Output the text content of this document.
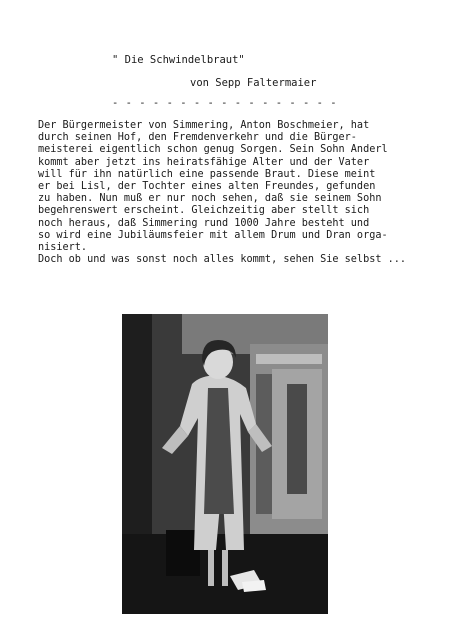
" Die Schwindelbraut"
von Sepp Faltermaier
- - - - - - - - - - - - - - - - -
Der Bürgermeister von Simmering, Anton Boschmeier, hat
durch seinen Hof, den Fremdenverkehr und die Bürger-
meisterei eigentlich schon genug Sorgen. Sein Sohn Anderl
kommt aber jetzt ins heiratsfähige Alter und der Vater
will für ihn natürlich eine passende Braut. Diese meint
er bei Lisl, der Tochter eines alten Freundes, gefunden
zu haben. Nun muß er nur noch sehen, daß sie seinem Sohn
begehrenswert erscheint. Gleichzeitig aber stellt sich
noch heraus, daß Simmering rund 1000 Jahre besteht und
so wird eine Jubiläumsfeier mit allem Drum und Dran orga-
nisiert.
Doch ob und was sonst noch alles kommt, sehen Sie selbst ...
